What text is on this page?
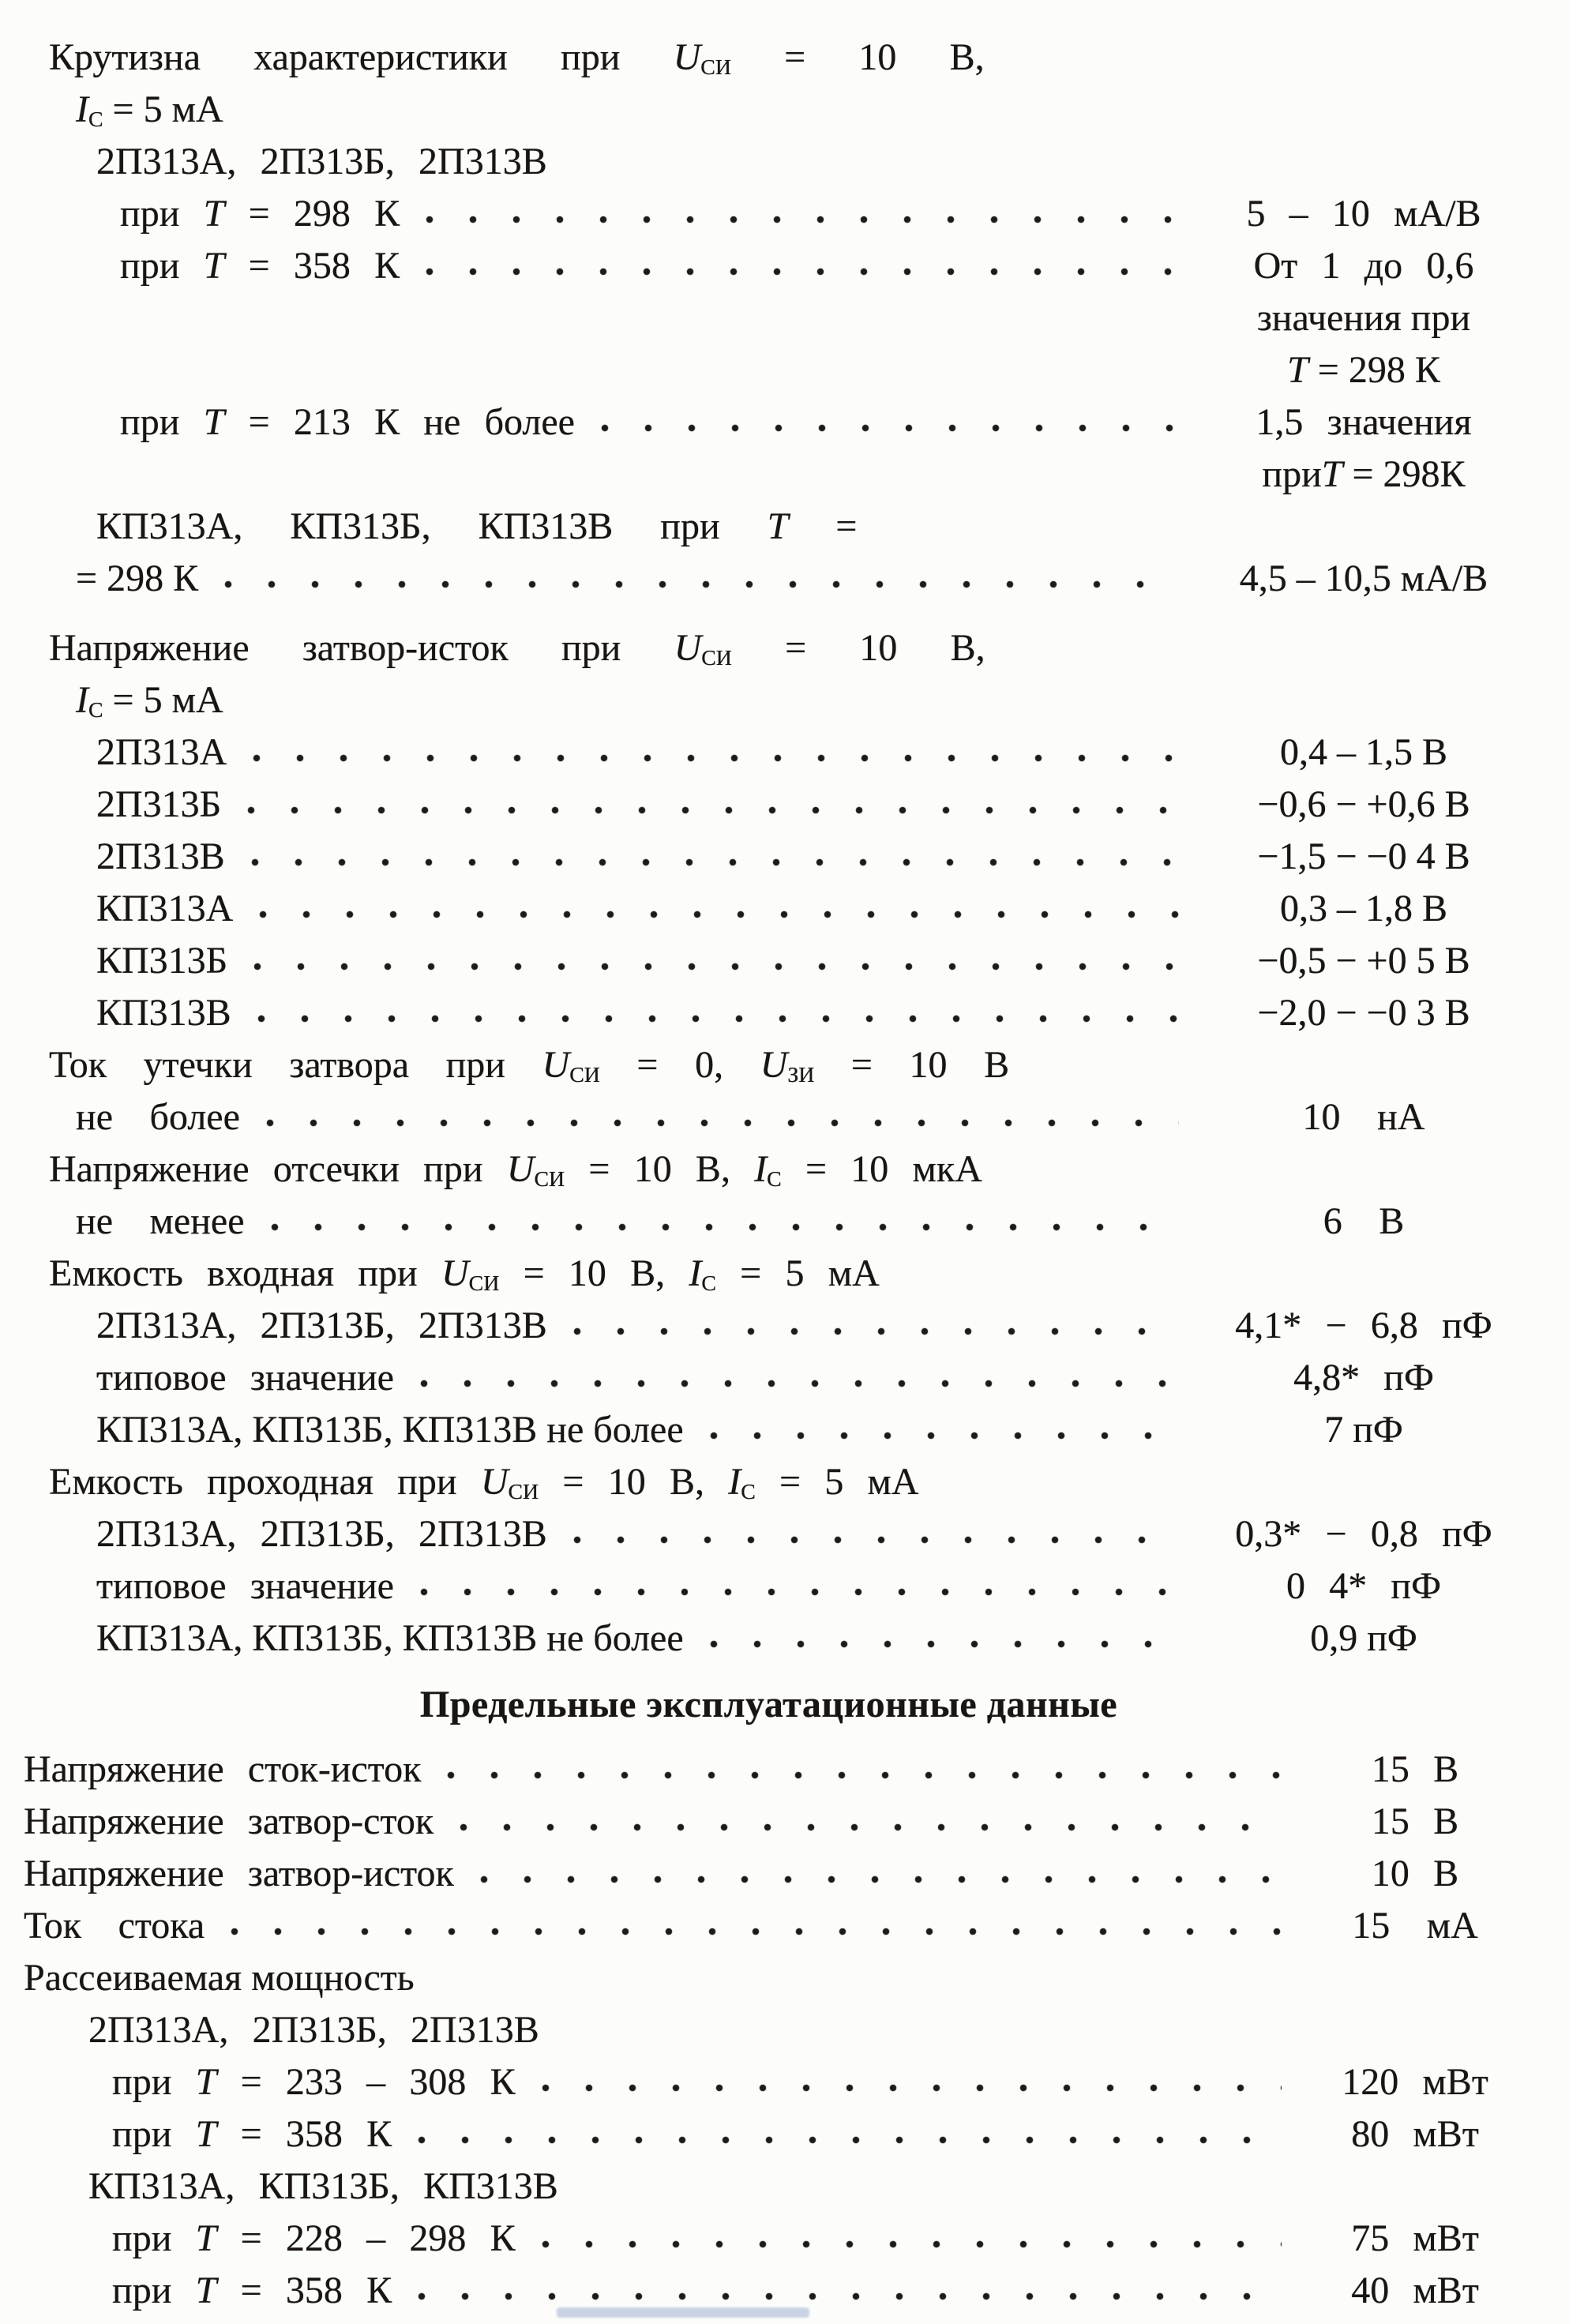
Крутизна характеристики при $U_{СИ} = 10$ В,
$I_С = 5$ мА
2П313А, 2П313Б, 2П313В
при Т = 298 К	5 – 10 мА/В
при Т = 358 К	От 1 до 0,6
значения при
Т = 298 К
при Т = 213 К не более	1,5 значения
приТ = 298К
КП313А, КП313Б, КП313В при Т =
= 298 К	4,5 – 10,5 мА/В
Напряжение затвор-исток при $U_{СИ} = 10$ В,
$I_С = 5$ мА
2П313А	0,4 – 1,5 В
2П313Б	−0,6 − +0,6 В
2П313В	−1,5 − −0 4 В
КП313А	0,3 – 1,8 В
КП313Б	−0,5 − +0 5 В
КП313В	−2,0 − −0 3 В
Ток утечки затвора при $U_{СИ} = 0$, $U_{ЗИ} = 10$ В
не более	10 нА
Напряжение отсечки при $U_{СИ} = 10$ В, $I_С = 10$ мкА
не менее	6 В
Емкость входная при $U_{СИ} = 10$ В, $I_С = 5$ мА
2П313А, 2П313Б, 2П313В	4,1* − 6,8 пФ
типовое значение	4,8* пФ
КП313А, КП313Б, КП313В не более	7 пФ
Емкость проходная при $U_{СИ} = 10$ В, $I_С = 5$ мА
2П313А, 2П313Б, 2П313В	0,3* − 0,8 пФ
типовое значение	0 4* пФ
КП313А, КП313Б, КП313В не более	0,9 пФ
Предельные эксплуатационные данные
Напряжение сток-исток	15 В
Напряжение затвор-сток	15 В
Напряжение затвор-исток	10 В
Ток стока	15 мА
Рассеиваемая мощность
2П313А, 2П313Б, 2П313В
при Т = 233 – 308 К	120 мВт
при Т = 358 К	80 мВт
КП313А, КП313Б, КП313В
при Т = 228 – 298 К	75 мВт
при Т = 358 К	40 мВт
